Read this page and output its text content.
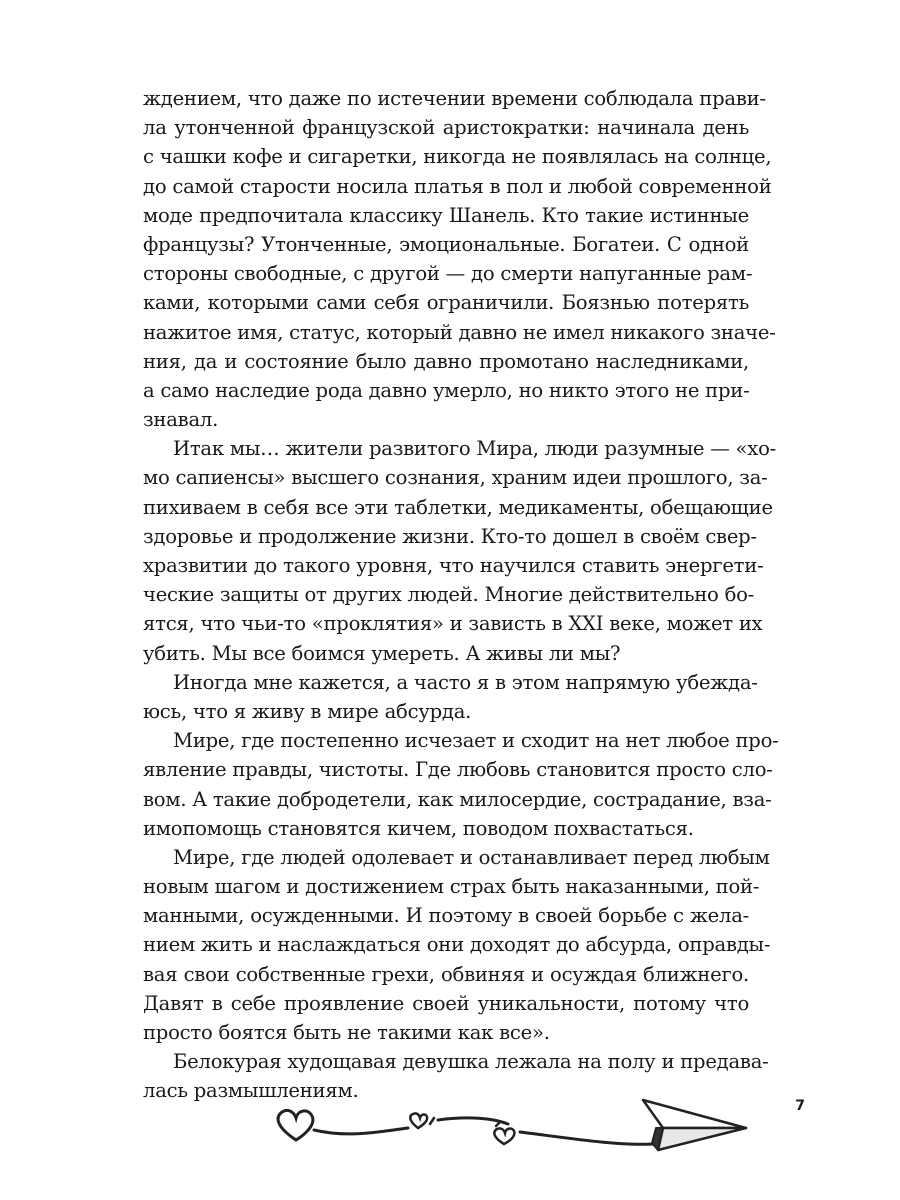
ждением, что даже по истечении времени соблюдала прави-
ла утонченной французской аристократки: начинала день
с чашки кофе и сигаретки, никогда не появлялась на солнце,
до самой старости носила платья в пол и любой современной
моде предпочитала классику Шанель. Кто такие истинные
французы? Утонченные, эмоциональные. Богатеи. С одной
стороны свободные, с другой — до смерти напуганные рам-
ками, которыми сами себя ограничили. Боязнью потерять
нажитое имя, статус, который давно не имел никакого значе-
ния, да и состояние было давно промотано наследниками,
а само наследие рода давно умерло, но никто этого не при-
знавал.
Итак мы… жители развитого Мира, люди разумные — «хо-
мо сапиенсы» высшего сознания, храним идеи прошлого, за-
пихиваем в себя все эти таблетки, медикаменты, обещающие
здоровье и продолжение жизни. Кто-то дошел в своём свер-
хразвитии до такого уровня, что научился ставить энергети-
ческие защиты от других людей. Многие действительно бо-
ятся, что чьи-то «проклятия» и зависть в XXI веке, может их
убить. Мы все боимся умереть. А живы ли мы?
Иногда мне кажется, а часто я в этом напрямую убежда-
юсь, что я живу в мире абсурда.
Мире, где постепенно исчезает и сходит на нет любое про-
явление правды, чистоты. Где любовь становится просто сло-
вом. А такие добродетели, как милосердие, сострадание, вза-
имопомощь становятся кичем, поводом похвастаться.
Мире, где людей одолевает и останавливает перед любым
новым шагом и достижением страх быть наказанными, пой-
манными, осужденными. И поэтому в своей борьбе с жела-
нием жить и наслаждаться они доходят до абсурда, оправды-
вая свои собственные грехи, обвиняя и осуждая ближнего.
Давят в себе проявление своей уникальности, потому что
просто боятся быть не такими как все».
Белокурая худощавая девушка лежала на полу и предава-
лась размышлениям.
7
